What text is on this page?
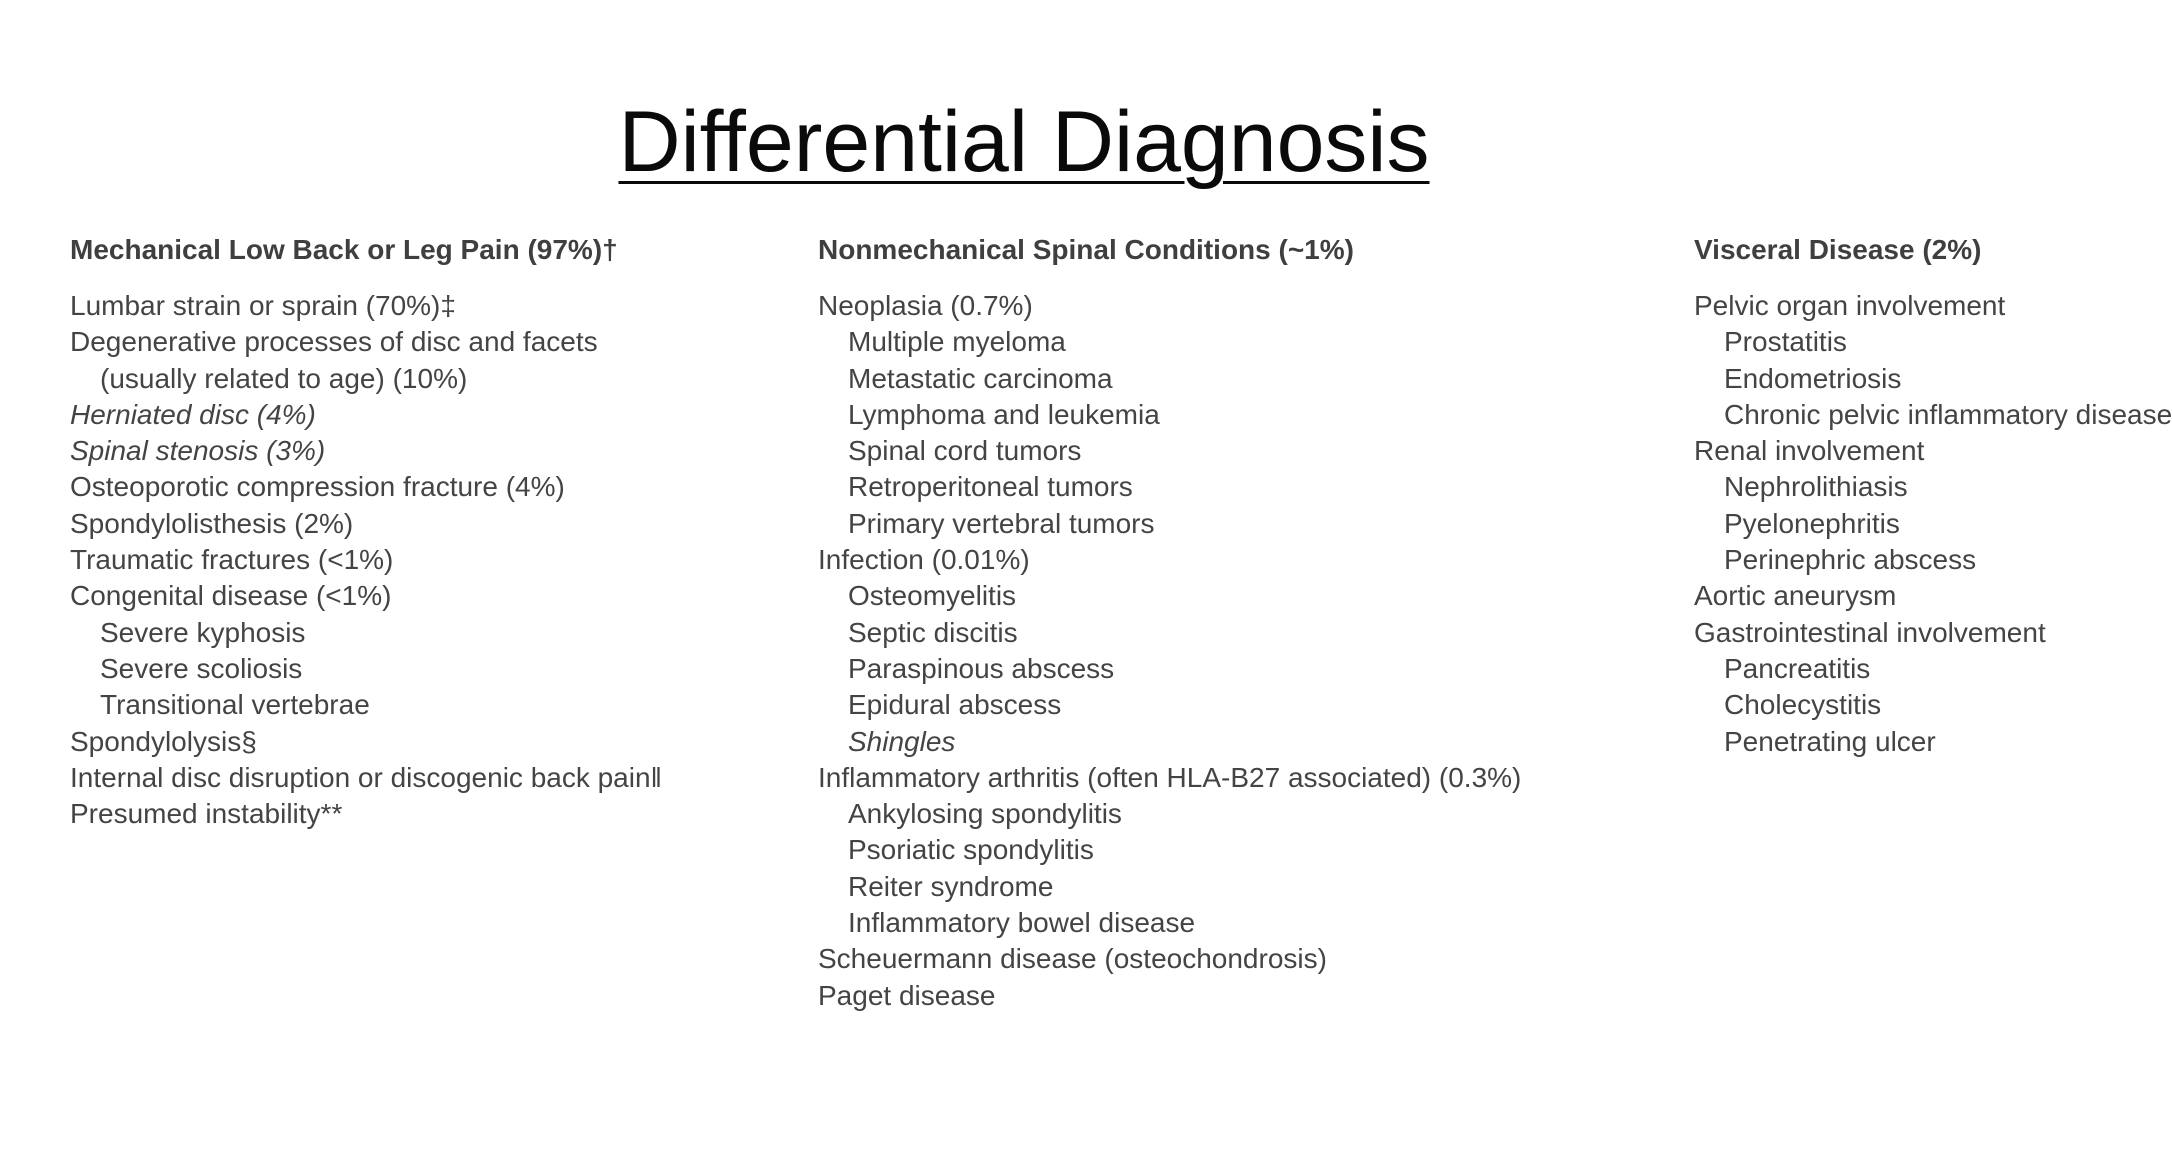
Differential Diagnosis
Mechanical Low Back or Leg Pain (97%)†
Lumbar strain or sprain (70%)‡
Degenerative processes of disc and facets
(usually related to age) (10%)
Herniated disc (4%)
Spinal stenosis (3%)
Osteoporotic compression fracture (4%)
Spondylolisthesis (2%)
Traumatic fractures (<1%)
Congenital disease (<1%)
Severe kyphosis
Severe scoliosis
Transitional vertebrae
Spondylolysis§
Internal disc disruption or discogenic back pain‖
Presumed instability**
Nonmechanical Spinal Conditions (~1%)
Neoplasia (0.7%)
Multiple myeloma
Metastatic carcinoma
Lymphoma and leukemia
Spinal cord tumors
Retroperitoneal tumors
Primary vertebral tumors
Infection (0.01%)
Osteomyelitis
Septic discitis
Paraspinous abscess
Epidural abscess
Shingles
Inflammatory arthritis (often HLA-B27 associated) (0.3%)
Ankylosing spondylitis
Psoriatic spondylitis
Reiter syndrome
Inflammatory bowel disease
Scheuermann disease (osteochondrosis)
Paget disease
Visceral Disease (2%)
Pelvic organ involvement
Prostatitis
Endometriosis
Chronic pelvic inflammatory disease
Renal involvement
Nephrolithiasis
Pyelonephritis
Perinephric abscess
Aortic aneurysm
Gastrointestinal involvement
Pancreatitis
Cholecystitis
Penetrating ulcer
